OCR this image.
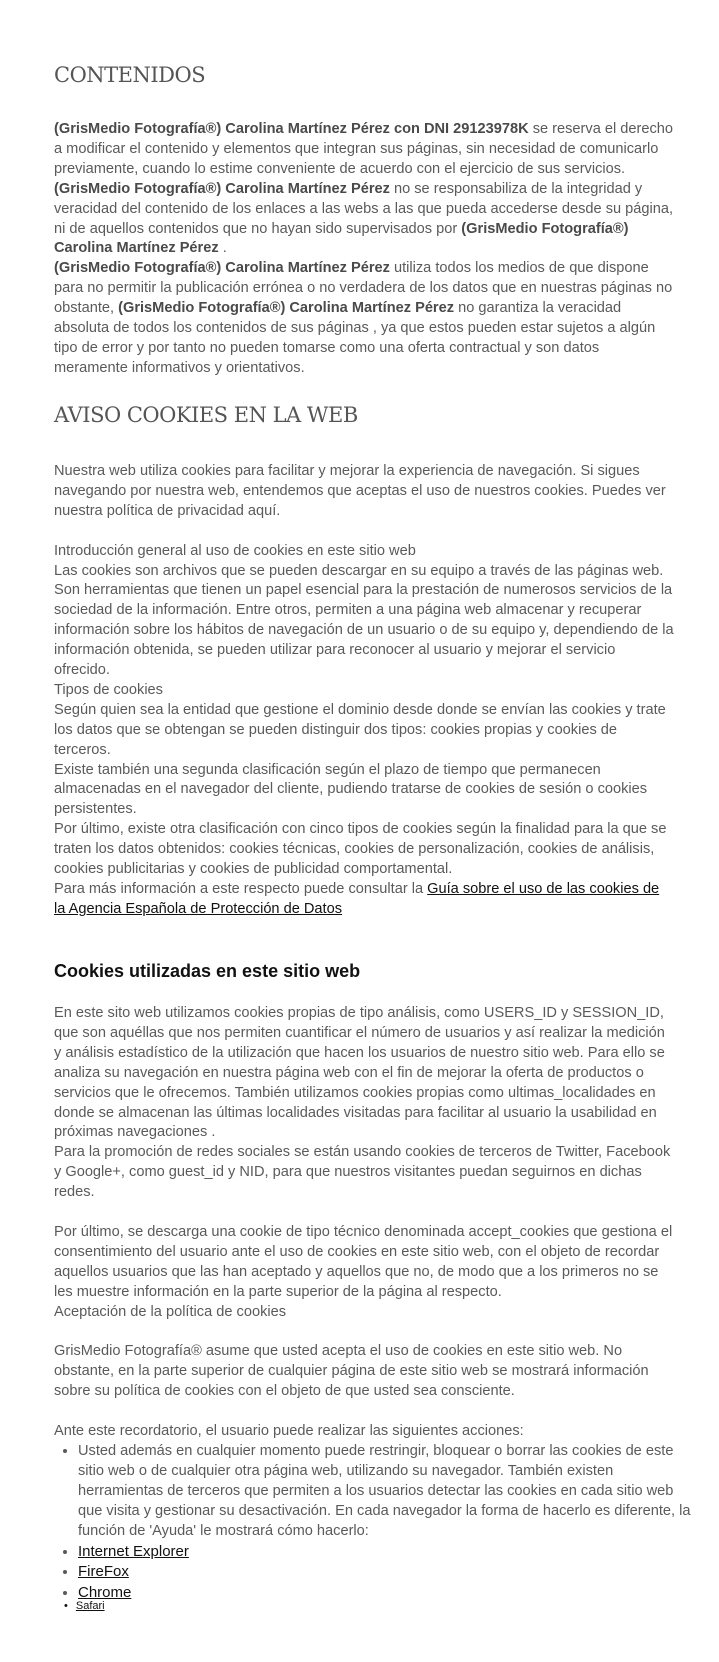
CONTENIDOS

(GrisMedio Fotografía®) Carolina Martínez Pérez con DNI 29123978K se reserva el derecho a modificar el contenido y elementos que integran sus páginas, sin necesidad de comunicarlo previamente, cuando lo estime conveniente de acuerdo con el ejercicio de sus servicios.

(GrisMedio Fotografía®) Carolina Martínez Pérez no se responsabiliza de la integridad y veracidad del contenido de los enlaces a las webs a las que pueda accederse desde su página, ni de aquellos contenidos que no hayan sido supervisados por (GrisMedio Fotografía®) Carolina Martínez Pérez .

(GrisMedio Fotografía®) Carolina Martínez Pérez utiliza todos los medios de que dispone para no permitir la publicación errónea o no verdadera de los datos que en nuestras páginas no obstante, (GrisMedio Fotografía®) Carolina Martínez Pérez no garantiza la veracidad absoluta de todos los contenidos de sus páginas , ya que estos pueden estar sujetos a algún tipo de error y por tanto no pueden tomarse como una oferta contractual y son datos meramente informativos y orientativos.

AVISO COOKIES EN LA WEB

Nuestra web utiliza cookies para facilitar y mejorar la experiencia de navegación. Si sigues navegando por nuestra web, entendemos que aceptas el uso de nuestros cookies. Puedes ver nuestra política de privacidad aquí.

Introducción general al uso de cookies en este sitio web

Las cookies son archivos que se pueden descargar en su equipo a través de las páginas web. Son herramientas que tienen un papel esencial para la prestación de numerosos servicios de la sociedad de la información. Entre otros, permiten a una página web almacenar y recuperar información sobre los hábitos de navegación de un usuario o de su equipo y, dependiendo de la información obtenida, se pueden utilizar para reconocer al usuario y mejorar el servicio ofrecido.

Tipos de cookies

Según quien sea la entidad que gestione el dominio desde donde se envían las cookies y trate los datos que se obtengan se pueden distinguir dos tipos: cookies propias y cookies de terceros.

Existe también una segunda clasificación según el plazo de tiempo que permanecen almacenadas en el navegador del cliente, pudiendo tratarse de cookies de sesión o cookies persistentes.

Por último, existe otra clasificación con cinco tipos de cookies según la finalidad para la que se traten los datos obtenidos: cookies técnicas, cookies de personalización, cookies de análisis, cookies publicitarias y cookies de publicidad comportamental.

Para más información a este respecto puede consultar la Guía sobre el uso de las cookies de la Agencia Española de Protección de Datos

Cookies utilizadas en este sitio web

En este sito web utilizamos cookies propias de tipo análisis, como USERS_ID y SESSION_ID, que son aquéllas que nos permiten cuantificar el número de usuarios y así realizar la medición y análisis estadístico de la utilización que hacen los usuarios de nuestro sitio web. Para ello se analiza su navegación en nuestra página web con el fin de mejorar la oferta de productos o servicios que le ofrecemos. También utilizamos cookies propias como ultimas_localidades en donde se almacenan las últimas localidades visitadas para facilitar al usuario la usabilidad en próximas navegaciones .

Para la promoción de redes sociales se están usando cookies de terceros de Twitter, Facebook y Google+, como guest_id y NID, para que nuestros visitantes puedan seguirnos en dichas redes.

Por último, se descarga una cookie de tipo técnico denominada accept_cookies que gestiona el consentimiento del usuario ante el uso de cookies en este sitio web, con el objeto de recordar aquellos usuarios que las han aceptado y aquellos que no, de modo que a los primeros no se les muestre información en la parte superior de la página al respecto.

Aceptación de la política de cookies

GrisMedio Fotografía® asume que usted acepta el uso de cookies en este sitio web. No obstante, en la parte superior de cualquier página de este sitio web se mostrará información sobre su política de cookies con el objeto de que usted sea consciente.

Ante este recordatorio, el usuario puede realizar las siguientes acciones:

• Usted además en cualquier momento puede restringir, bloquear o borrar las cookies de este sitio web o de cualquier otra página web, utilizando su navegador. También existen herramientas de terceros que permiten a los usuarios detectar las cookies en cada sitio web que visita y gestionar su desactivación. En cada navegador la forma de hacerlo es diferente, la función de 'Ayuda' le mostrará cómo hacerlo:
• Internet Explorer
• FireFox
• Chrome
• Safari
